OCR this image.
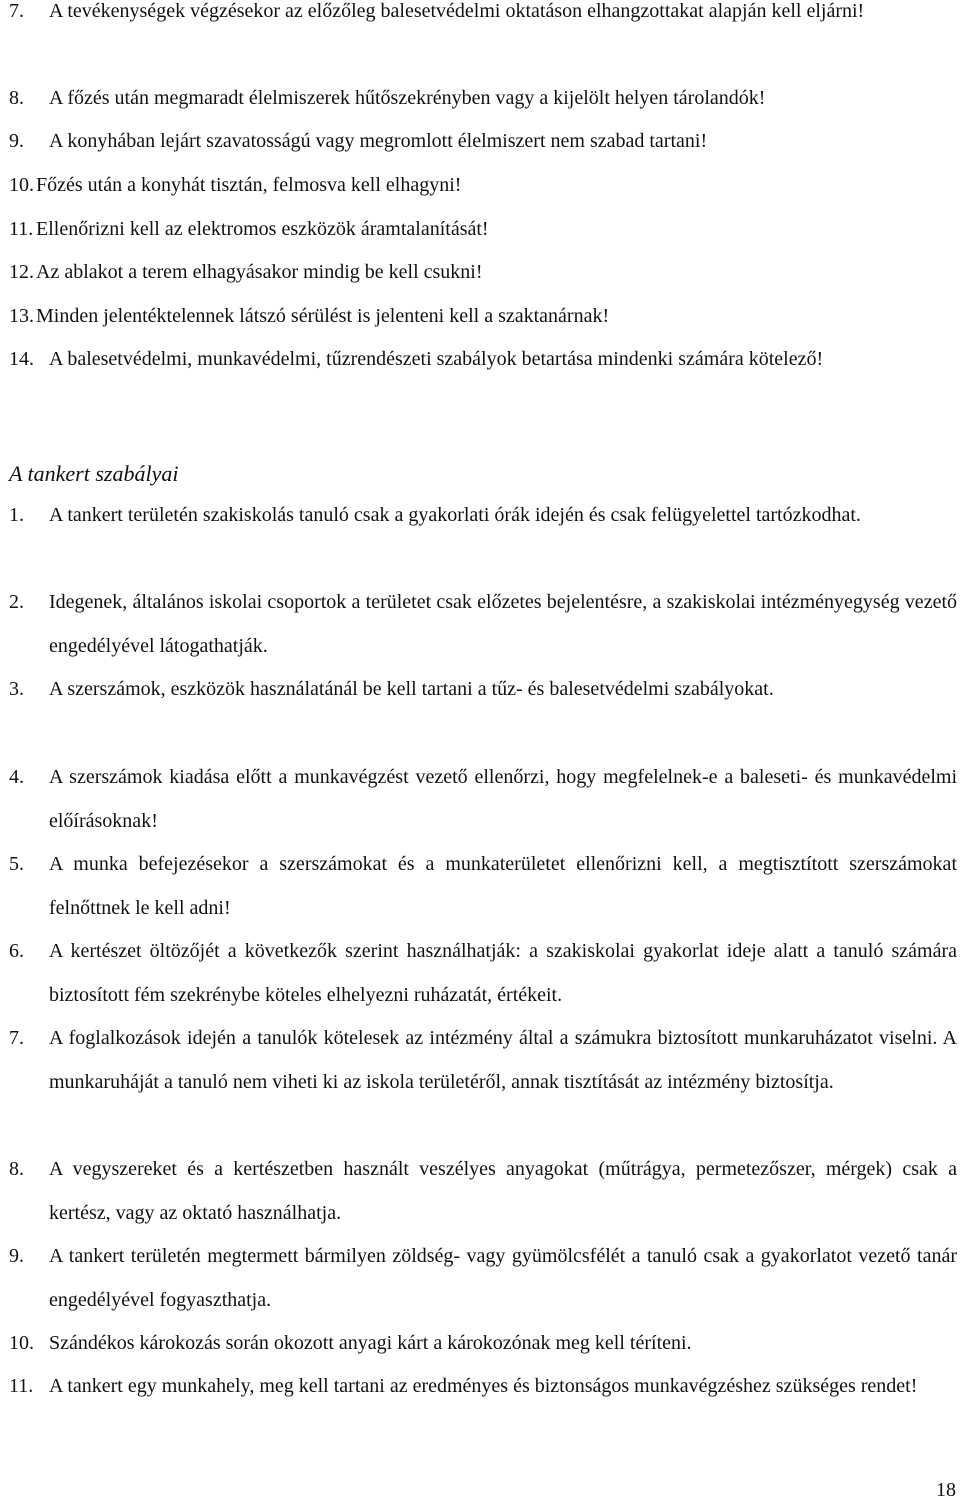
7.	A tevékenységek végzésekor az előzőleg balesetvédelmi oktatáson elhangzottakat alapján kell eljárni!
8.	A főzés után megmaradt élelmiszerek hűtőszekrényben vagy a kijelölt helyen tárolandók!
9.	A konyhában lejárt szavatosságú vagy megromlott élelmiszert nem szabad tartani!
10. Főzés után a konyhát tisztán, felmosva kell elhagyni!
11. Ellenőrizni kell az elektromos eszközök áramtalanítását!
12. Az ablakot a terem elhagyásakor mindig be kell csukni!
13. Minden jelentéktelennek látszó sérülést is jelenteni kell a szaktanárnak!
14. A balesetvédelmi, munkavédelmi, tűzrendészeti szabályok betartása mindenki számára kötelező!
A tankert szabályai
1.	A tankert területén szakiskolás tanuló csak a gyakorlati órák idején és csak felügyelettel tartózkodhat.
2.	Idegenek, általános iskolai csoportok a területet csak előzetes bejelentésre, a szakiskolai intézményegység vezető engedélyével látogathatják.
3.	A szerszámok, eszközök használatánál be kell tartani a tűz- és balesetvédelmi szabályokat.
4.	A szerszámok kiadása előtt a munkavégzést vezető ellenőrzi, hogy megfelelnek-e a baleseti- és munkavédelmi előírásoknak!
5.	A munka befejezésekor a szerszámokat és a munkaterületet ellenőrizni kell, a megtisztított szerszámokat felnőttnek le kell adni!
6.	A kertészet öltözőjét a következők szerint használhatják: a szakiskolai gyakorlat ideje alatt a tanuló számára biztosított fém szekrénybe köteles elhelyezni ruházatát, értékeit.
7.	A foglalkozások idején a tanulók kötelesek az intézmény által a számukra biztosított munkaruházatot viselni. A munkaruháját a tanuló nem viheti ki az iskola területéről, annak tisztítását az intézmény biztosítja.
8.	A vegyszereket és a kertészetben használt veszélyes anyagokat (műtrágya, permetezőszer, mérgek) csak a kertész, vagy az oktató használhatja.
9.	A tankert területén megtermett bármilyen zöldség- vagy gyümölcsfélét a tanuló csak a gyakorlatot vezető tanár engedélyével fogyaszthatja.
10. Szándékos károkozás során okozott anyagi kárt a károkozónak meg kell téríteni.
11. A tankert egy munkahely, meg kell tartani az eredményes és biztonságos munkavégzéshez szükséges rendet!
18
